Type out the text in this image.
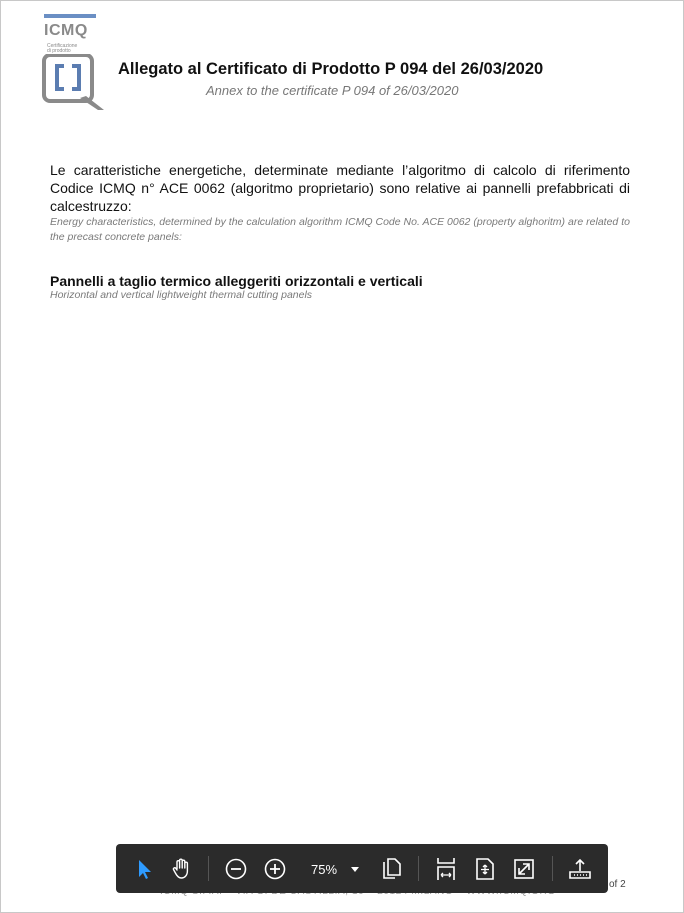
ICMQ
Certificazione
di prodotto
Allegato al Certificato di Prodotto P 094 del 26/03/2020
Annex to the certificate P 094 of 26/03/2020
Le caratteristiche energetiche, determinate mediante l’algoritmo di calcolo di riferimento Codice ICMQ n° ACE 0062 (algoritmo proprietario) sono relative ai pannelli prefabbricati di calcestruzzo:
Energy characteristics, determined by the calculation algorithm ICMQ Code No. ACE 0062 (property alghoritm) are related to the precast concrete panels:
Pannelli a taglio termico alleggeriti orizzontali e verticali
Horizontal and vertical lightweight thermal cutting panels
of 2
75%
